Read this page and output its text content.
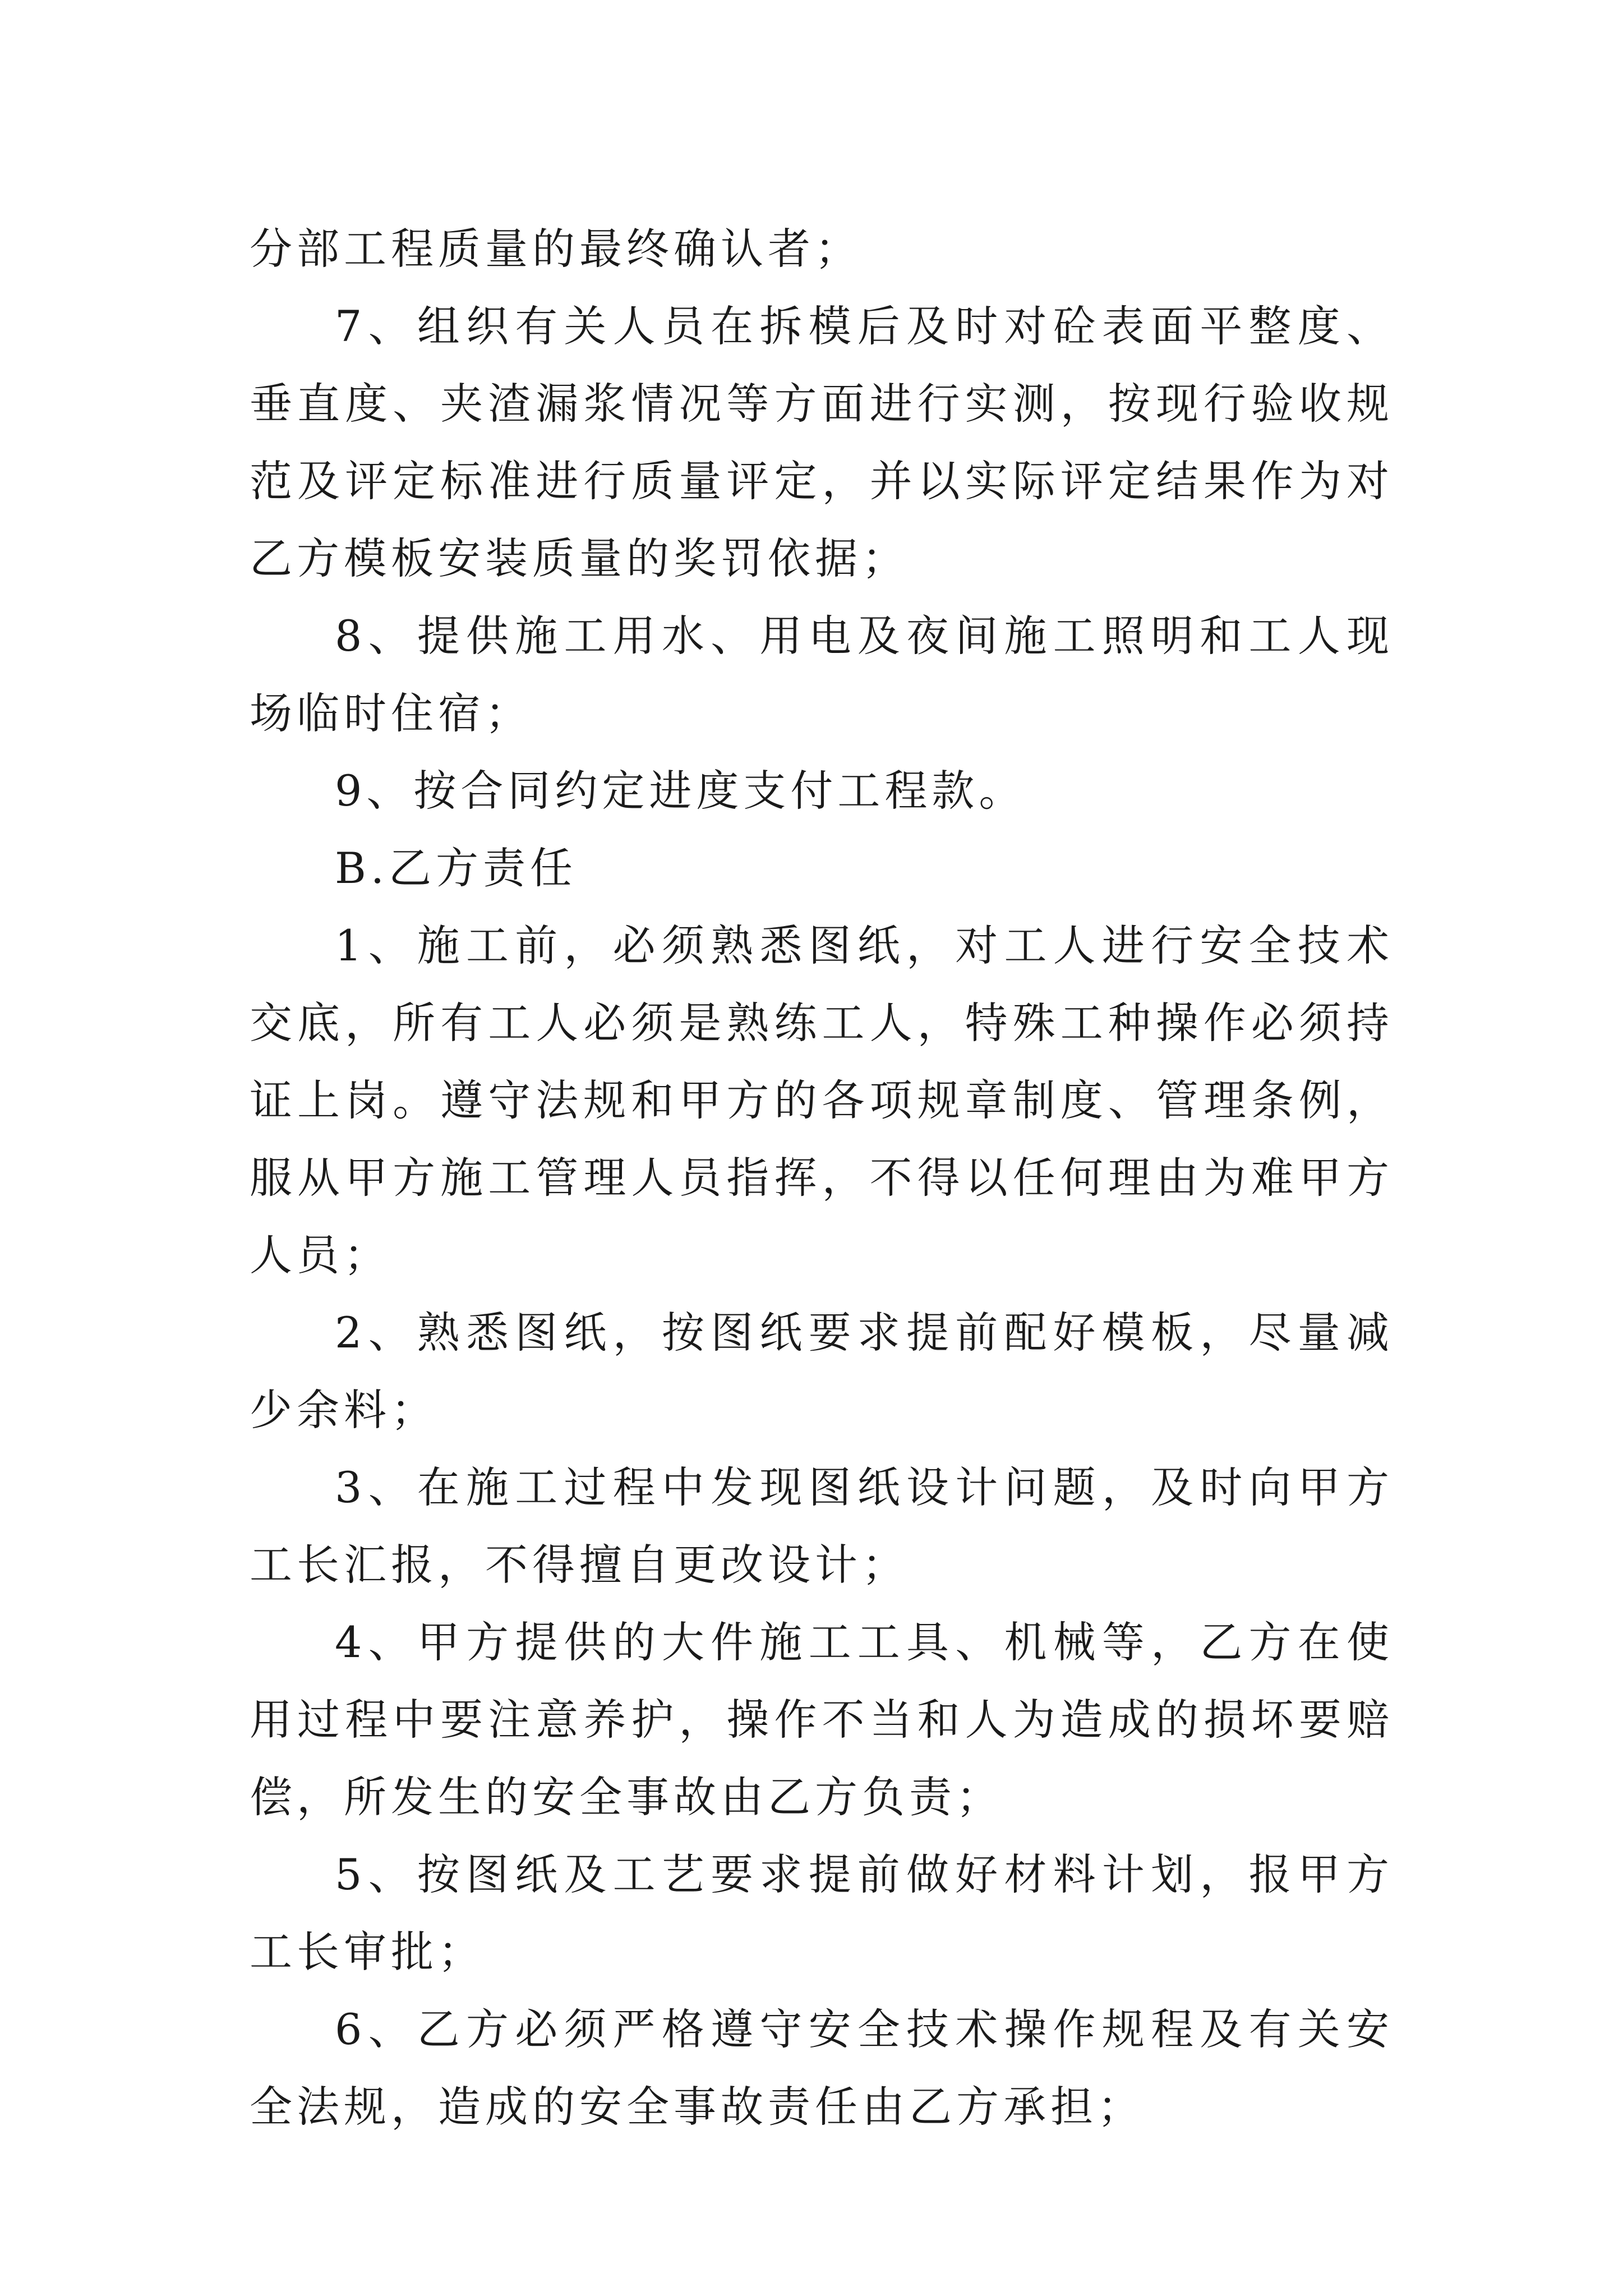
分部工程质量的最终确认者；

7、组织有关人员在拆模后及时对砼表面平整度、垂直度、夹渣漏浆情况等方面进行实测，按现行验收规范及评定标准进行质量评定，并以实际评定结果作为对乙方模板安装质量的奖罚依据；

8、提供施工用水、用电及夜间施工照明和工人现场临时住宿；

9、按合同约定进度支付工程款。

B.乙方责任

1、施工前，必须熟悉图纸，对工人进行安全技术交底，所有工人必须是熟练工人，特殊工种操作必须持证上岗。遵守法规和甲方的各项规章制度、管理条例，服从甲方施工管理人员指挥，不得以任何理由为难甲方人员；

2、熟悉图纸，按图纸要求提前配好模板，尽量减少余料；

3、在施工过程中发现图纸设计问题，及时向甲方工长汇报，不得擅自更改设计；

4、甲方提供的大件施工工具、机械等，乙方在使用过程中要注意养护，操作不当和人为造成的损坏要赔偿，所发生的安全事故由乙方负责；

5、按图纸及工艺要求提前做好材料计划，报甲方工长审批；

6、乙方必须严格遵守安全技术操作规程及有关安全法规，造成的安全事故责任由乙方承担；
